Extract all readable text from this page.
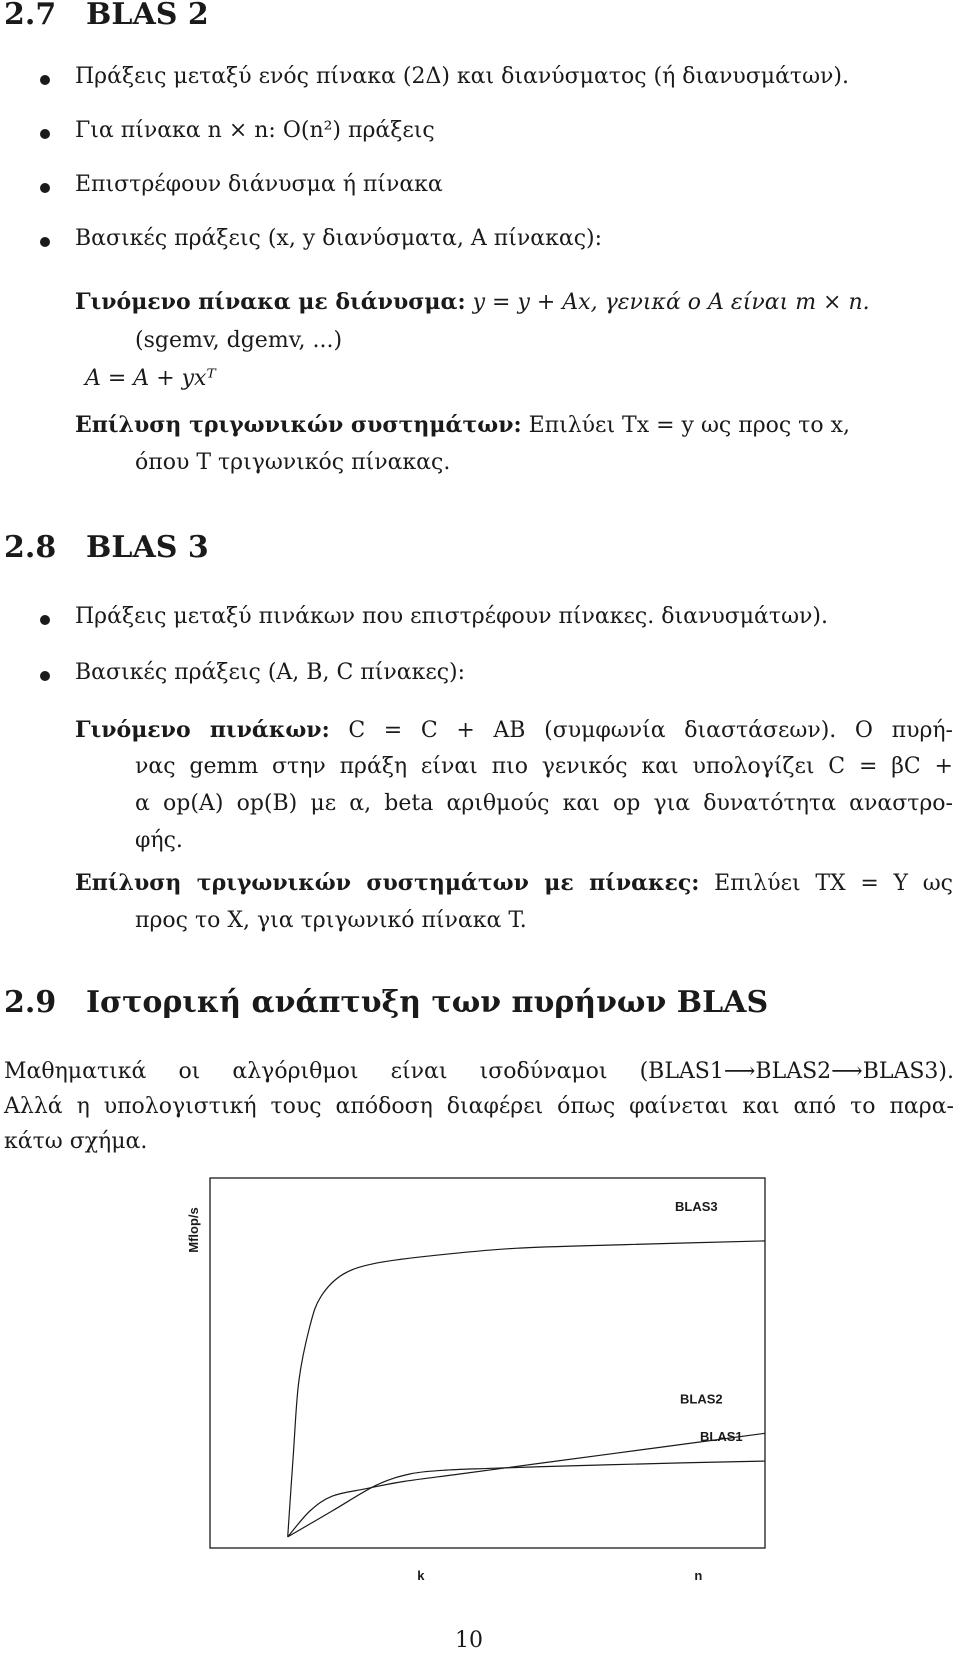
2.7 BLAS 2
Πράξεις μεταξύ ενός πίνακα (2Δ) και διανύσματος (ή διανυσμάτων).
Για πίνακα n × n: O(n²) πράξεις
Επιστρέφουν διάνυσμα ή πίνακα
Βασικές πράξεις (x, y διανύσματα, A πίνακας):
Γινόμενο πίνακα με διάνυσμα: y = y + Ax, γενικά ο A είναι m × n.
(sgemv, dgemv, ...)
A = A + yxᵀ
Επίλυση τριγωνικών συστημάτων: Επιλύει Tx = y ως προς το x,
όπου T τριγωνικός πίνακας.
2.8 BLAS 3
Πράξεις μεταξύ πινάκων που επιστρέφουν πίνακες. διανυσμάτων).
Βασικές πράξεις (A, B, C πίνακες):
Γινόμενο πινάκων: C = C + AB (συμφωνία διαστάσεων). Ο πυρή-
νας gemm στην πράξη είναι πιο γενικός και υπολογίζει C = βC +
α op(A) op(B) με α, beta αριθμούς και op για δυνατότητα αναστρο-
φής.
Επίλυση τριγωνικών συστημάτων με πίνακες: Επιλύει TX = Y ως
προς το X, για τριγωνικό πίνακα T.
2.9 Ιστορική ανάπτυξη των πυρήνων BLAS
Μαθηματικά οι αλγόριθμοι είναι ισοδύναμοι (BLAS1⟶BLAS2⟶BLAS3).
Αλλά η υπολογιστική τους απόδοση διαφέρει όπως φαίνεται και από το παρα-
κάτω σχήμα.
Mflop/s
BLAS3
BLAS2
BLAS1
k	n
10
